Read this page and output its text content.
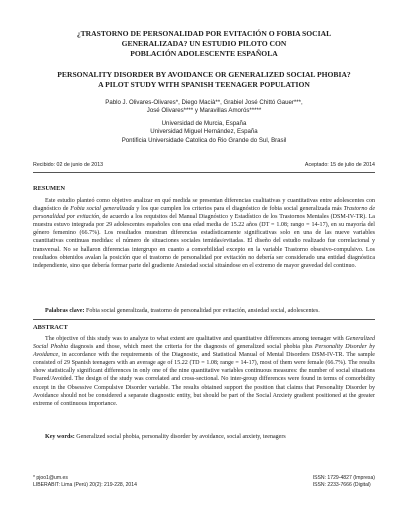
¿TRASTORNO DE PERSONALIDAD POR EVITACIÓN O FOBIA SOCIAL
GENERALIZADA? UN ESTUDIO PILOTO CON
POBLACIÓN ADOLESCENTE ESPAÑOLA
PERSONALITY DISORDER BY AVOIDANCE OR GENERALIZED SOCIAL PHOBIA?
A PILOT STUDY WITH SPANISH TEENAGER POPULATION
Pablo J. Olivares-Olivares*, Diego Macià**, Grabiel José Chittó Gauer***,
José Olivares**** y Maravillas Amorós*****
Universidad de Murcia, España
Universidad Miguel Hernández, España
Pontificia Universidade Catolica do Rio Grande do Sul, Brasil
Recibido: 02 de junio de 2013	Aceptado: 15 de julio de 2014
RESUMEN
Este estudio planteó como objetivo analizar en qué medida se presentan diferencias cualitativas y cuantitativas entre adolescentes con diagnóstico de Fobia social generalizada y los que cumplen los criterios para el diagnóstico de fobia social generalizada más Trastorno de personalidad por evitación, de acuerdo a los requisitos del Manual Diagnóstico y Estadístico de los Trastornos Mentales (DSM-IV-TR). La muestra estuvo integrada por 29 adolescentes españoles con una edad media de 15.22 años (DT = 1.08; rango = 14-17), en su mayoría del género femenino (66.7%). Los resultados muestran diferencias estadísticamente significativas solo en una de las nueve variables cuantitativas continuas medidas: el número de situaciones sociales temidas/evitadas. El diseño del estudio realizado fue correlacional y transversal. No se hallaron diferencias intergrupo en cuanto a comorbilidad excepto en la variable Trastorno obsesivo-compulsivo. Los resultados obtenidos avalan la posición que el trastorno de personalidad por evitación no debería ser considerado una entidad diagnóstica independiente, sino que debería formar parte del gradiente Ansiedad social situándose en el extremo de mayor gravedad del continuo.
Palabras clave: Fobia social generalizada, trastorno de personalidad por evitación, ansiedad social, adolescentes.
ABSTRACT
The objective of this study was to analyze to what extent are qualitative and quantitative differences among teenager with Generalized Social Phobia diagnosis and those, which meet the criteria for the diagnosis of generalized social phobia plus Personality Disorder by Avoidance, in accordance with the requirements of the Diagnostic, and Statistical Manual of Mental Disorders DSM-IV-TR. The sample consisted of 29 Spanish teenagers with an average age of 15.22 (TD = 1.08; range = 14-17), most of them were female (66.7%). The results show statistically significant differences in only one of the nine quantitative variables continuous measures: the number of social situations Feared/Avoided. The design of the study was correlated and cross-sectional. No inter-group differences were found in terms of comorbidity except in the Obsessive Compulsive Disorder variable. The results obtained support the position that claims that Personality Disorder by Avoidance should not be considered a separate diagnostic entity, but should be part of the Social Anxiety gradient positioned at the greater extreme of continuous importance.
Key words: Generalized social phobia, personality disorder by avoidance, social anxiety, teenagers
* pjoo1@um.es
LIBERABIT: Lima (Perú) 20(2): 219-228, 2014
ISSN: 1729-4827 (Impresa)
ISSN: 2233-7666 (Digital)
